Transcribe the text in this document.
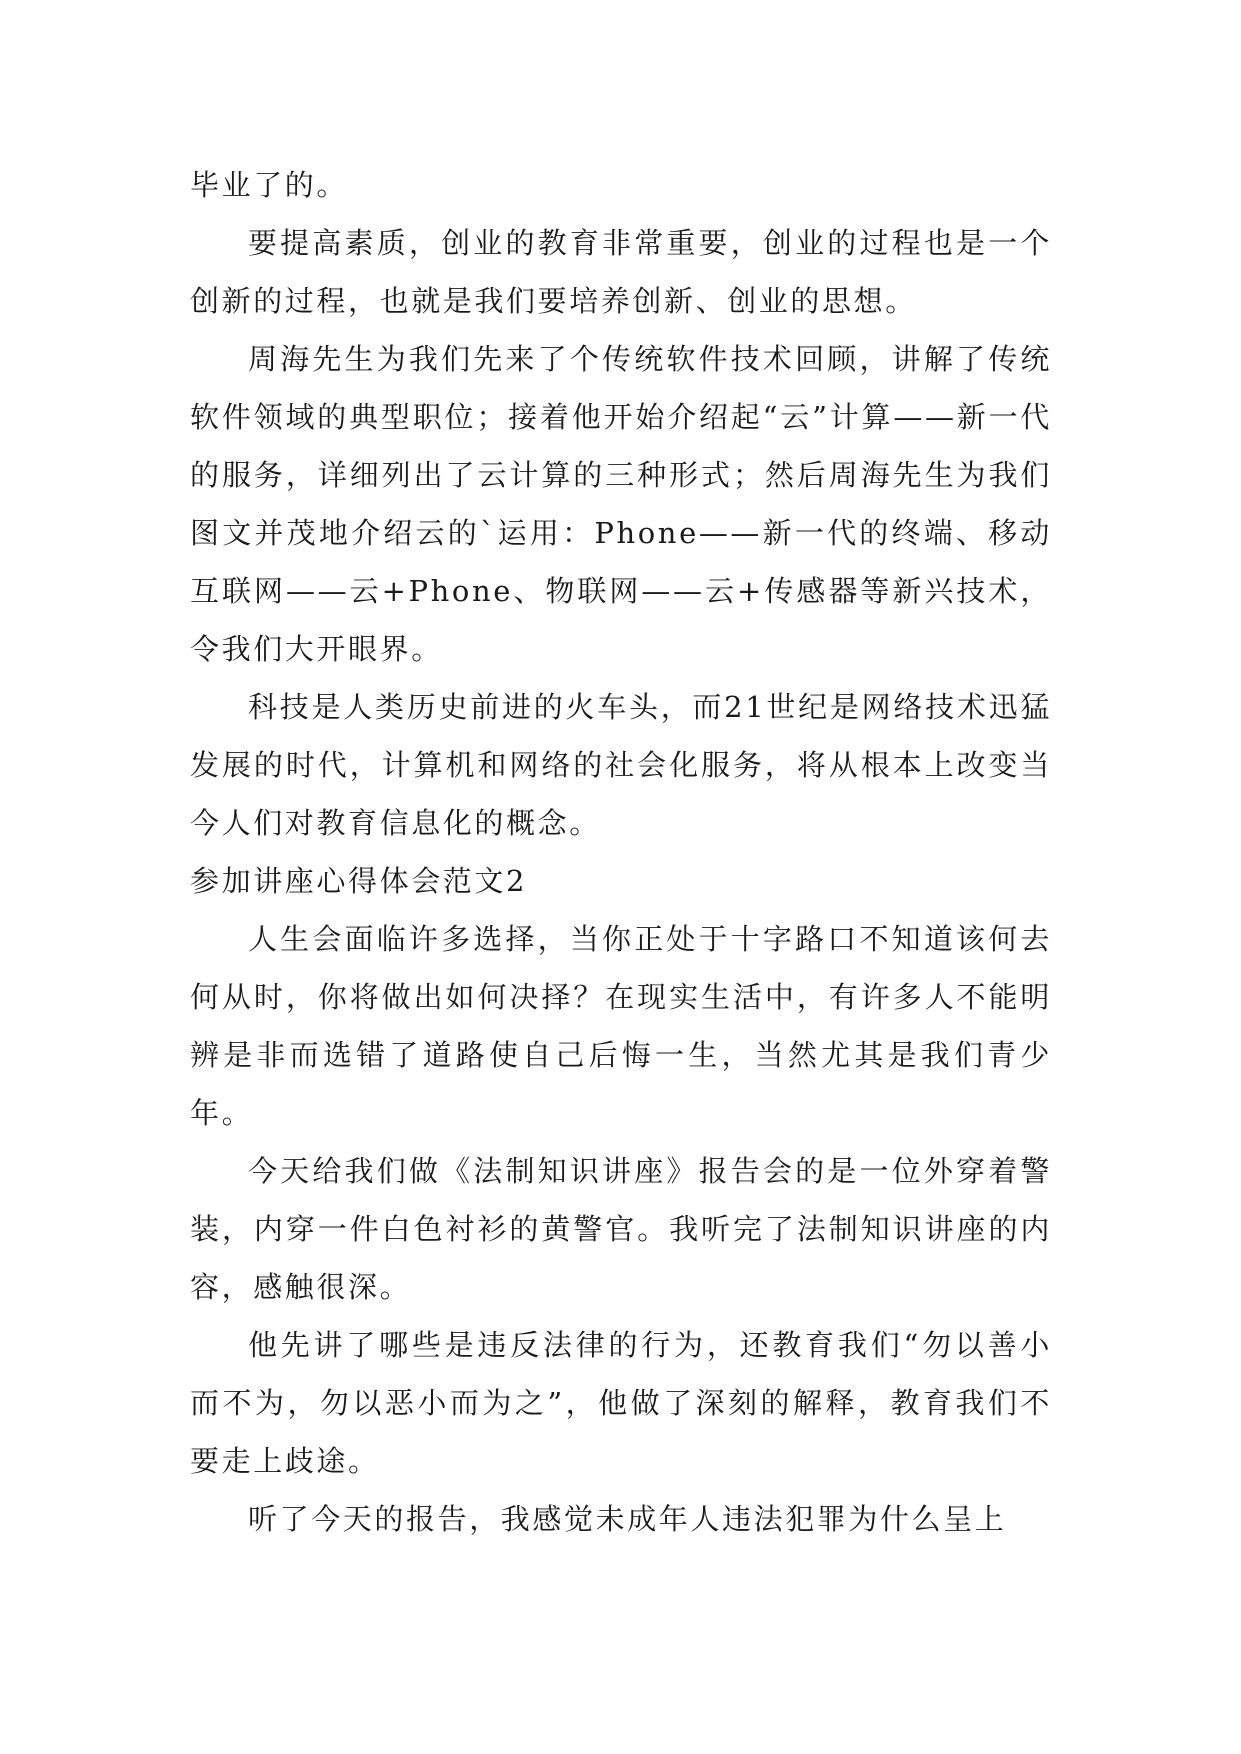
毕业了的。

要提高素质，创业的教育非常重要，创业的过程也是一个创新的过程，也就是我们要培养创新、创业的思想。

周海先生为我们先来了个传统软件技术回顾，讲解了传统软件领域的典型职位；接着他开始介绍起“云”计算——新一代的服务，详细列出了云计算的三种形式；然后周海先生为我们图文并茂地介绍云的`运用：Phone——新一代的终端、移动互联网——云+Phone、物联网——云+传感器等新兴技术，令我们大开眼界。

科技是人类历史前进的火车头，而21世纪是网络技术迅猛发展的时代，计算机和网络的社会化服务，将从根本上改变当今人们对教育信息化的概念。

参加讲座心得体会范文2

人生会面临许多选择，当你正处于十字路口不知道该何去何从时，你将做出如何决择？在现实生活中，有许多人不能明辨是非而选错了道路使自己后悔一生，当然尤其是我们青少年。

今天给我们做《法制知识讲座》报告会的是一位外穿着警装，内穿一件白色衬衫的黄警官。我听完了法制知识讲座的内容，感触很深。

他先讲了哪些是违反法律的行为，还教育我们“勿以善小而不为，勿以恶小而为之”，他做了深刻的解释，教育我们不要走上歧途。

听了今天的报告，我感觉未成年人违法犯罪为什么呈上
